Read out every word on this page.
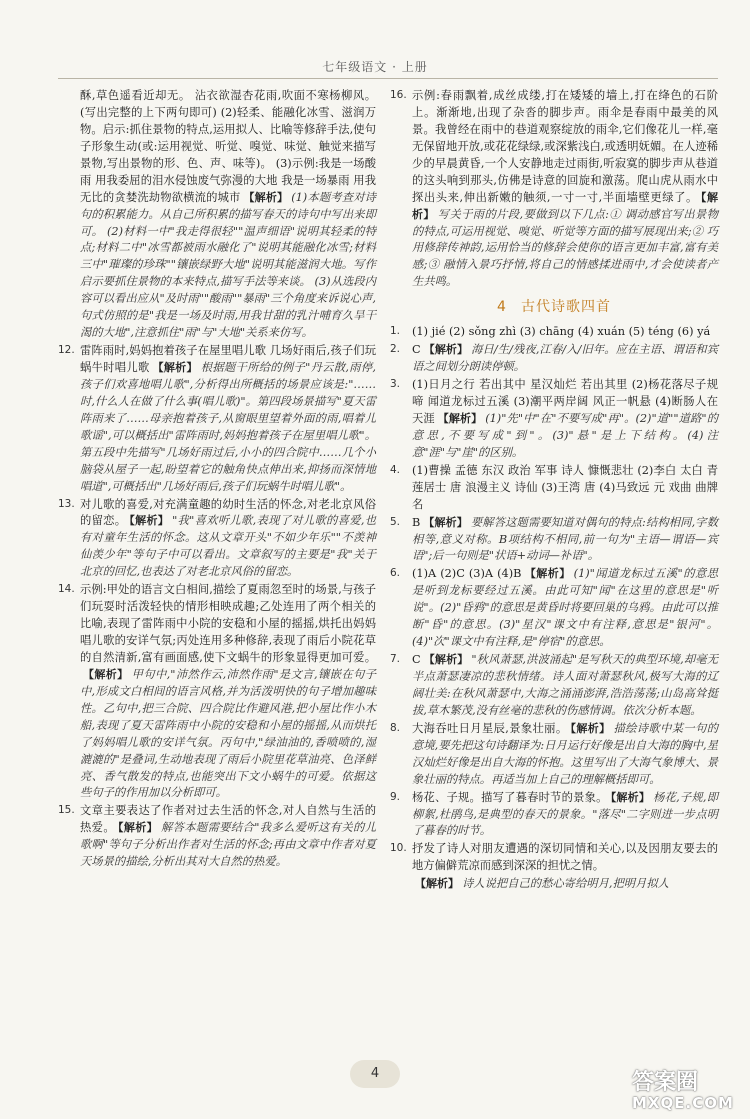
七年级语文 · 上册

酥,草色遥看近却无。 沾衣欲湿杏花雨,吹面不寒杨柳风。(写出完整的上下两句即可) (2)轻柔、能融化冰雪、滋润万物。启示:抓住景物的特点,运用拟人、比喻等修辞手法,使句子形象生动(或:运用视觉、听觉、嗅觉、味觉、触觉来描写景物,写出景物的形、色、声、味等)。 (3)示例:我是一场酸雨 用我委屈的泪水侵蚀废气弥漫的大地 我是一场暴雨 用我无比的贪婪洗劫物欲横流的城市 【解析】 (1)本题考查对诗句的积累能力。从自己所积累的描写春天的诗句中写出来即可。 (2)材料一中"我走得很轻""温声细语"说明其轻柔的特点;材料二中"冰雪都被雨水融化了"说明其能融化冰雪;材料三中"璀璨的珍珠""镶嵌绿野大地"说明其能滋润大地。写作启示要抓住景物的本来特点,描写手法等来谈。 (3)从选段内容可以看出应从"及时雨""酸雨""暴雨"三个角度来诉说心声,句式仿照的是"我是一场及时雨,用我甘甜的乳汁哺育久旱干渴的大地",注意抓住"雨"与"大地"关系来仿写。

12. 雷阵雨时,妈妈抱着孩子在屋里唱儿歌 几场好雨后,孩子们玩蜗牛时唱儿歌 【解析】 根据题干所给的例子"丹云散,雨停,孩子们欢喜地唱儿歌",分析得出所概括的场景应该是:"……时,什么人在做了什么事(唱儿歌)"。第四段场景描写"夏天雷阵雨来了……母亲抱着孩子,从窗眼里望着外面的雨,唱着儿歌谣",可以概括出"雷阵雨时,妈妈抱着孩子在屋里唱儿歌"。第五段中先描写"几场好雨过后,小小的四合院中……几个小脑袋从屋子一起,盼望着它的触角快点伸出来,抑扬而深情地唱道",可概括出"几场好雨后,孩子们玩蜗牛时唱儿歌"。

13. 对儿歌的喜爱,对充满童趣的幼时生活的怀念,对老北京风俗的留恋。 【解析】 "我"喜欢听儿歌,表现了对儿歌的喜爱,也有对童年生活的怀念。这从文章开头"不如少年乐""不羡神仙羡少年"等句子中可以看出。文章叙写的主要是"我"关于北京的回忆,也表达了对老北京风俗的留恋。

14. 示例:甲处的语言文白相间,描绘了夏雨忽至时的场景,与孩子们玩耍时活泼轻快的情形相映成趣;乙处连用了两个相关的比喻,表现了雷阵雨中小院的安稳和小屋的摇摇,烘托出妈妈唱儿歌的安详气氛;丙处连用多种修辞,表现了雨后小院花草的自然清新,富有画面感,使下文蜗牛的形象显得更加可爱。【解析】 甲句中,"沛然作云,沛然作雨"是文言,镶嵌在句子中,形成文白相间的语言风格,并为活泼明快的句子增加趣味性。乙句中,把三合院、四合院比作避风港,把小屋比作小木船,表现了夏天雷阵雨中小院的安稳和小屋的摇摇,从而烘托了妈妈唱儿歌的安详气氛。丙句中,"绿油油的,香喷喷的,湿漉漉的"是叠词,生动地表现了雨后小院里花草油亮、色泽鲜亮、香气散发的特点,也能突出下文小蜗牛的可爱。依据这些句子的作用加以分析即可。

15. 文章主要表达了作者对过去生活的怀念,对人自然与生活的热爱。 【解析】 解答本题需要结合"我多么爱听这有关的儿歌啊"等句子分析出作者对生活的怀念;再由文章中作者对夏天场景的描绘,分析出其对大自然的热爱。

16. 示例:春雨飘着,成丝成缕,打在矮矮的墙上,打在绛色的石阶上。渐渐地,出现了杂沓的脚步声。雨伞是春雨中最美的风景。我曾经在雨中的巷道观察绽放的雨伞,它们像花儿一样,毫无保留地开放,或花花绿绿,或深紫浅白,或透明妩媚。在人迹稀少的早晨黄昏,一个人安静地走过雨街,听寂寞的脚步声从巷道的这头响到那头,仿佛是诗意的回旋和激荡。爬山虎从雨水中探出头来,伸出新嫩的触须,一寸一寸,半面墙壁更绿了。 【解析】 写关于雨的片段,要做到以下几点:① 调动感官写出景物的特点,可运用视觉、嗅觉、听觉等方面的描写展现出来;② 巧用修辞传神韵,运用恰当的修辞会使你的语言更加丰富,富有美感;③ 融情入景巧抒情,将自己的情感揉进雨中,才会使读者产生共鸣。

4 古代诗歌四首

1.	(1) jié (2) sǒng zhì (3) chāng (4) xuán (5) téng (6) yá

2.	C 【解析】 海日/生/残夜,江春/入/旧年。应在主语、谓语和宾语之间划分朗读停顿。

3.	(1)日月之行 若出其中 星汉灿烂 若出其里 (2)杨花落尽子规啼 闻道龙标过五溪 (3)潮平两岸阔 风正一帆悬 (4)断肠人在天涯 【解析】 (1)"先"中"在"不要写成"再"。(2)"道""道路"的意思,不要写成"到"。(3)"悬"是上下结构。(4)注意"涯"与"崖"的区别。

4.	(1)曹操 孟德 东汉 政治 军事 诗人 慷慨悲壮 (2)李白 太白 青莲居士 唐 浪漫主义 诗仙 (3)王湾 唐 (4)马致远 元 戏曲 曲牌名

5.	B 【解析】 要解答这题需要知道对偶句的特点:结构相同,字数相等,意义对称。B项结构不相同,前一句为"主语—谓语—宾语";后一句则是"状语+动词—补语"。

6.	(1)A (2)C (3)A (4)B 【解析】 (1)"闻道龙标过五溪"的意思是听到龙标要经过五溪。由此可知"闻"在这里的意思是"听说"。(2)"昏鸦"的意思是黄昏时将要回巢的乌鸦。由此可以推断"昏"的意思。(3)"星汉"课文中有注释,意思是"银河"。(4)"次"课文中有注释,是"停宿"的意思。

7.	C 【解析】 "秋风萧瑟,洪波涌起"是写秋天的典型环境,却毫无半点萧瑟凄凉的悲秋情绪。诗人面对萧瑟秋风,极写大海的辽阔壮美:在秋风萧瑟中,大海之涌涌澎湃,浩浩荡荡;山岛高耸挺拔,草木繁茂,没有丝毫的悲秋的伤感情调。依次分析本题。

8.	大海吞吐日月星辰,景象壮丽。 【解析】 描绘诗歌中某一句的意境,要先把这句诗翻译为:日月运行好像是出自大海的胸中,星汉灿烂好像是出自大海的怀抱。这里写出了大海气象博大、景象壮丽的特点。再适当加上自己的理解概括即可。

9.	杨花、子规。描写了暮春时节的景象。 【解析】 杨花,子规,即柳絮,杜鹃鸟,是典型的春天的景象。"落尽"二字则进一步点明了暮春的时节。

10. 抒发了诗人对朋友遭遇的深切同情和关心,以及因朋友要去的地方偏僻荒凉而感到深深的担忧之情。

【解析】 诗人说把自己的愁心寄给明月,把明月拟人

4	答案圈
MXQE.COM
